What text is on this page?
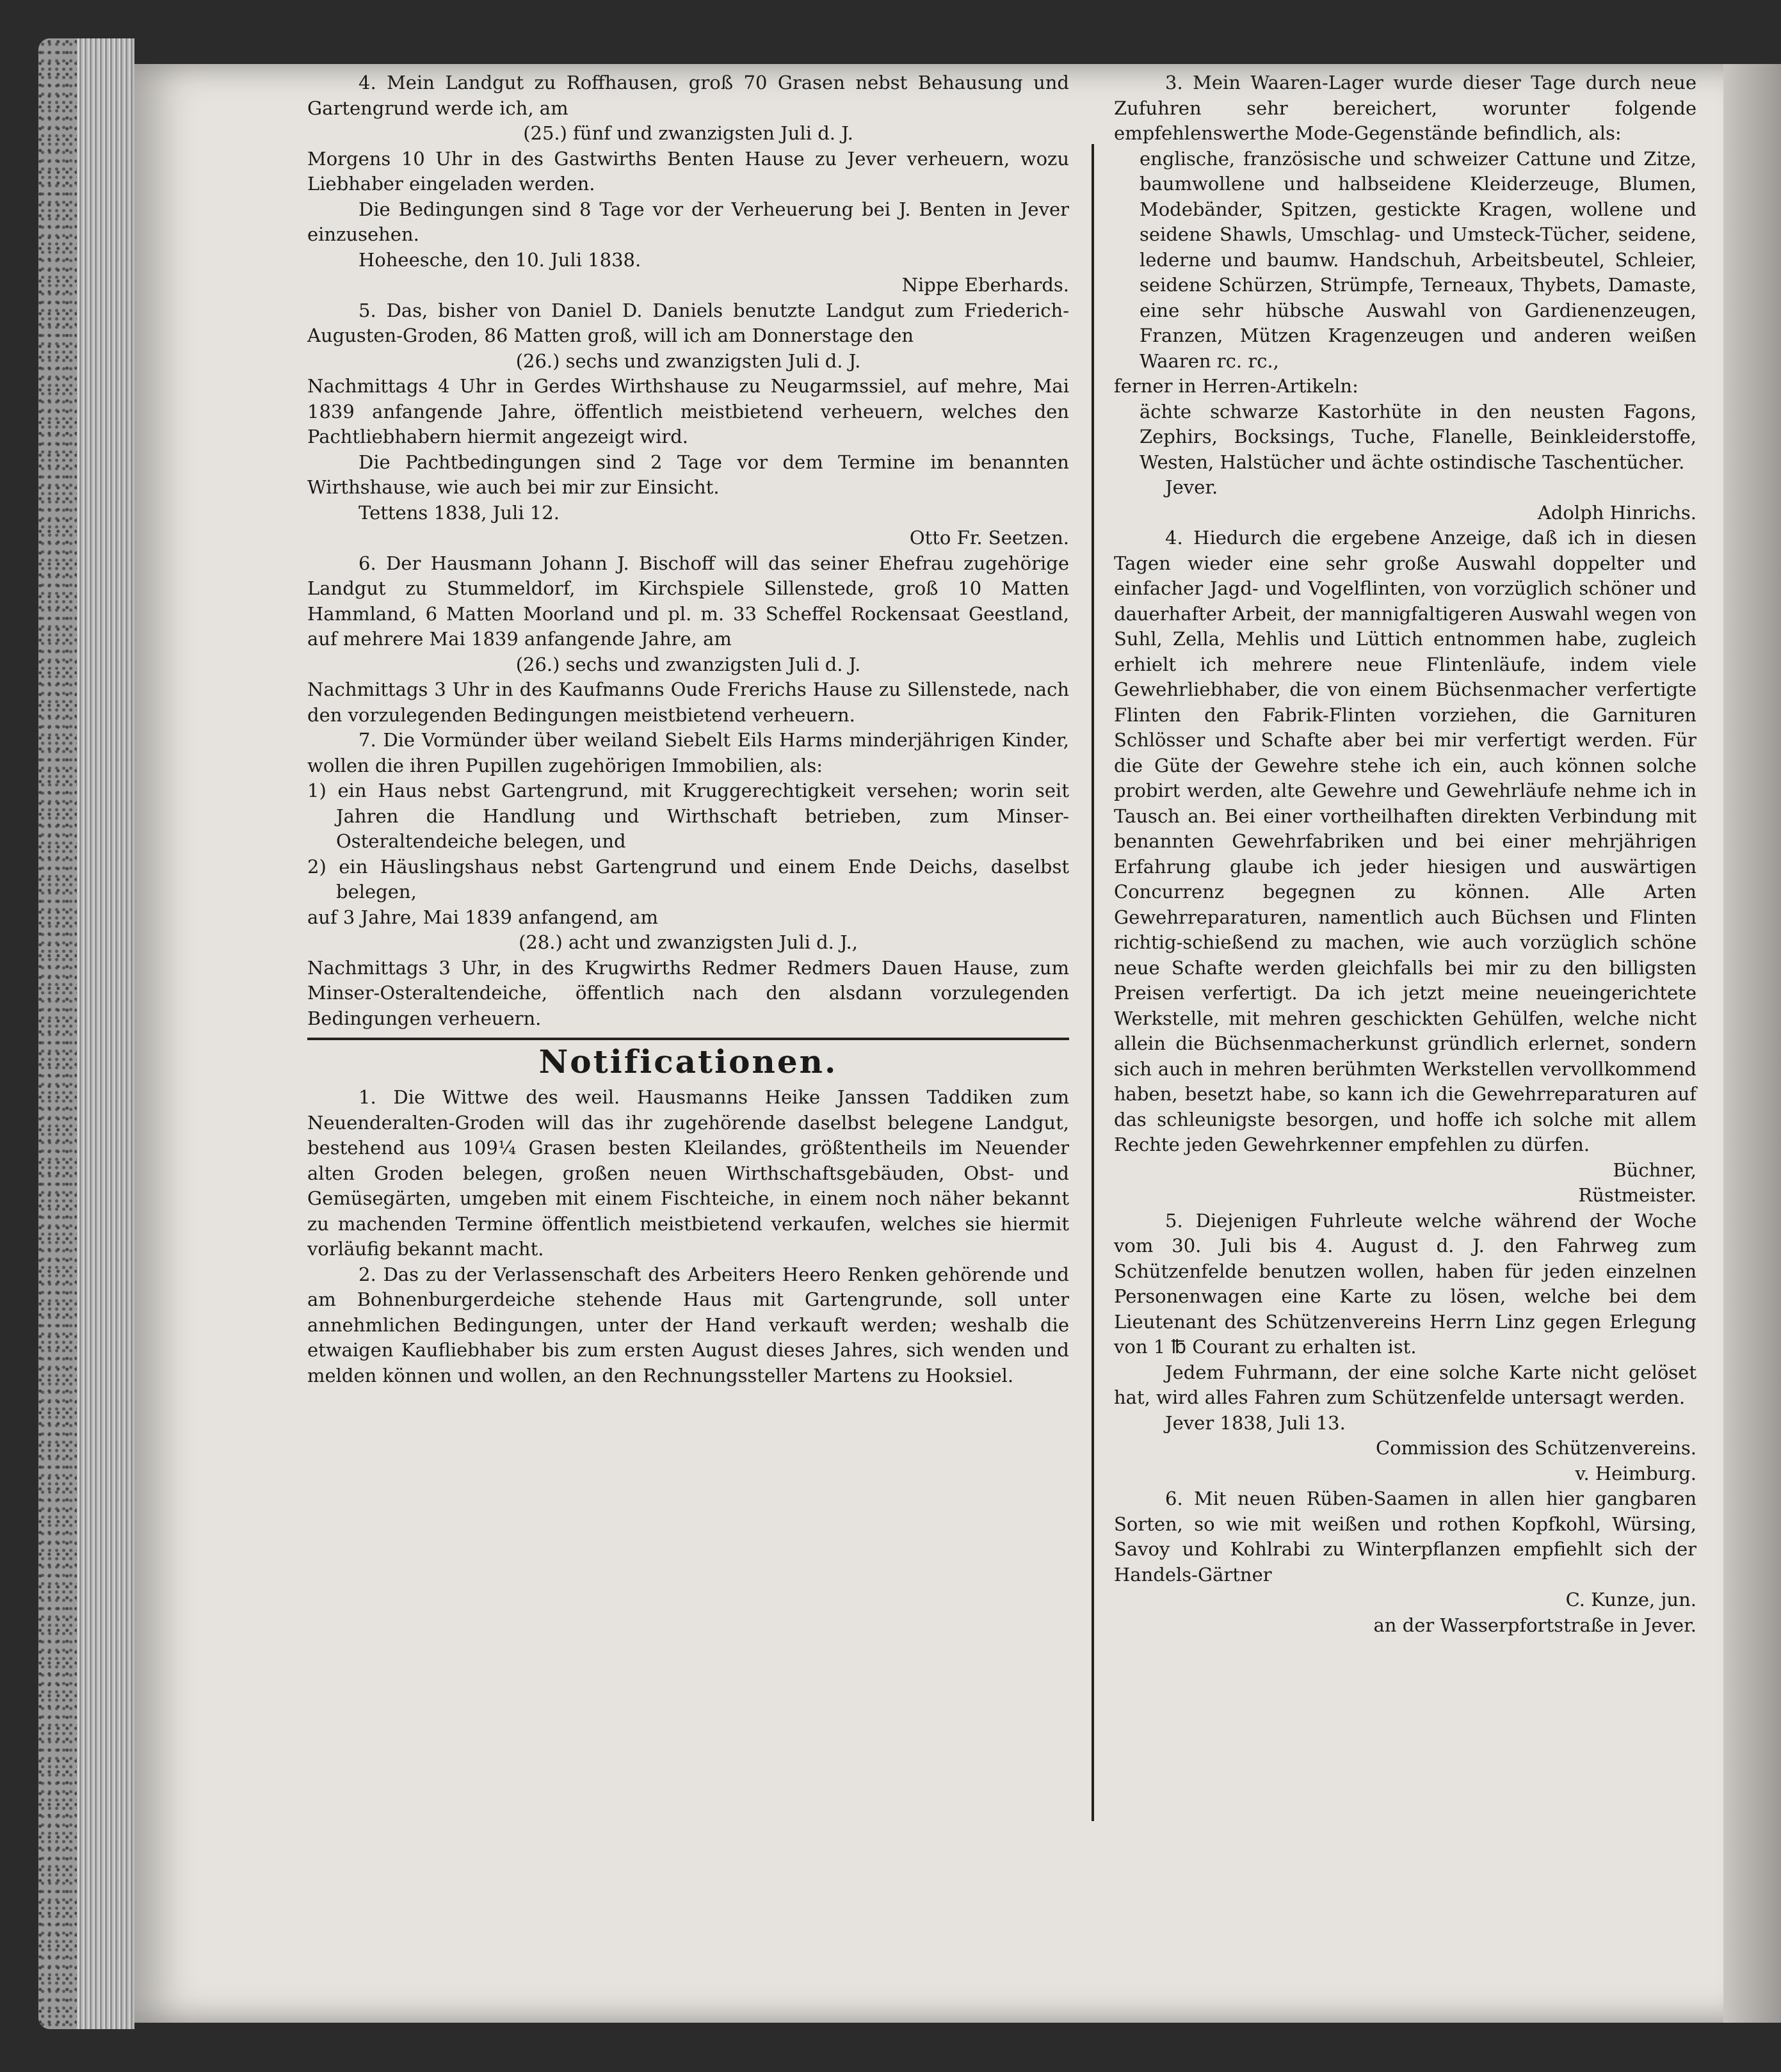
4. Mein Landgut zu Roffhausen, groß 70 Grasen nebst Behausung und Gartengrund werde ich, am

(25.) fünf und zwanzigsten Juli d. J.

Morgens 10 Uhr in des Gastwirths Benten Hause zu Jever verheuern, wozu Liebhaber eingeladen werden.

Die Bedingungen sind 8 Tage vor der Verheuerung bei J. Benten in Jever einzusehen.

Hoheesche, den 10. Juli 1838.

Nippe Eberhards.

5. Das, bisher von Daniel D. Daniels benutzte Landgut zum Friederich-Augusten-Groden, 86 Matten groß, will ich am Donnerstage den

(26.) sechs und zwanzigsten Juli d. J.

Nachmittags 4 Uhr in Gerdes Wirthshause zu Neugarmssiel, auf mehre, Mai 1839 anfangende Jahre, öffentlich meistbietend verheuern, welches den Pachtliebhabern hiermit angezeigt wird.

Die Pachtbedingungen sind 2 Tage vor dem Termine im benannten Wirthshause, wie auch bei mir zur Einsicht.

Tettens 1838, Juli 12.

Otto Fr. Seetzen.

6. Der Hausmann Johann J. Bischoff will das seiner Ehefrau zugehörige Landgut zu Stummeldorf, im Kirchspiele Sillenstede, groß 10 Matten Hammland, 6 Matten Moorland und pl. m. 33 Scheffel Rockensaat Geestland, auf mehrere Mai 1839 anfangende Jahre, am

(26.) sechs und zwanzigsten Juli d. J.

Nachmittags 3 Uhr in des Kaufmanns Oude Frerichs Hause zu Sillenstede, nach den vorzulegenden Bedingungen meistbietend verheuern.

7. Die Vormünder über weiland Siebelt Eils Harms minderjährigen Kinder, wollen die ihren Pupillen zugehörigen Immobilien, als:

1) ein Haus nebst Gartengrund, mit Kruggerechtigkeit versehen; worin seit Jahren die Handlung und Wirthschaft betrieben, zum Minser-Osteraltendeiche belegen, und

2) ein Häuslingshaus nebst Gartengrund und einem Ende Deichs, daselbst belegen,

auf 3 Jahre, Mai 1839 anfangend, am

(28.) acht und zwanzigsten Juli d. J.,

Nachmittags 3 Uhr, in des Krugwirths Redmer Redmers Dauen Hause, zum Minser-Osteraltendeiche, öffentlich nach den alsdann vorzulegenden Bedingungen verheuern.

Notificationen.

1. Die Wittwe des weil. Hausmanns Heike Janssen Taddiken zum Neuenderalten-Groden will das ihr zugehörende daselbst belegene Landgut, bestehend aus 109¼ Grasen besten Kleilandes, größtentheils im Neuender alten Groden belegen, großen neuen Wirthschaftsgebäuden, Obst- und Gemüsegärten, umgeben mit einem Fischteiche, in einem noch näher bekannt zu machenden Termine öffentlich meistbietend verkaufen, welches sie hiermit vorläufig bekannt macht.

2. Das zu der Verlassenschaft des Arbeiters Heero Renken gehörende und am Bohnenburgerdeiche stehende Haus mit Gartengrunde, soll unter annehmlichen Bedingungen, unter der Hand verkauft werden; weshalb die etwaigen Kaufliebhaber bis zum ersten August dieses Jahres, sich wenden und melden können und wollen, an den Rechnungssteller Martens zu Hooksiel.

3. Mein Waaren-Lager wurde dieser Tage durch neue Zufuhren sehr bereichert, worunter folgende empfehlenswerthe Mode-Gegenstände befindlich, als:

englische, französische und schweizer Cattune und Zitze, baumwollene und halbseidene Kleiderzeuge, Blumen, Modebänder, Spitzen, gestickte Kragen, wollene und seidene Shawls, Umschlag- und Umsteck-Tücher, seidene, lederne und baumw. Handschuh, Arbeitsbeutel, Schleier, seidene Schürzen, Strümpfe, Terneaux, Thybets, Damaste, eine sehr hübsche Auswahl von Gardienenzeugen, Franzen, Mützen Kragenzeugen und anderen weißen Waaren rc. rc.,

ferner in Herren-Artikeln:

ächte schwarze Kastorhüte in den neusten Fagons, Zephirs, Bocksings, Tuche, Flanelle, Beinkleiderstoffe, Westen, Halstücher und ächte ostindische Taschentücher.

Jever.

Adolph Hinrichs.

4. Hiedurch die ergebene Anzeige, daß ich in diesen Tagen wieder eine sehr große Auswahl doppelter und einfacher Jagd- und Vogelflinten, von vorzüglich schöner und dauerhafter Arbeit, der mannigfaltigeren Auswahl wegen von Suhl, Zella, Mehlis und Lüttich entnommen habe, zugleich erhielt ich mehrere neue Flintenläufe, indem viele Gewehrliebhaber, die von einem Büchsenmacher verfertigte Flinten den Fabrik-Flinten vorziehen, die Garnituren Schlösser und Schafte aber bei mir verfertigt werden. Für die Güte der Gewehre stehe ich ein, auch können solche probirt werden, alte Gewehre und Gewehrläufe nehme ich in Tausch an. Bei einer vortheilhaften direkten Verbindung mit benannten Gewehrfabriken und bei einer mehrjährigen Erfahrung glaube ich jeder hiesigen und auswärtigen Concurrenz begegnen zu können. Alle Arten Gewehrreparaturen, namentlich auch Büchsen und Flinten richtig-schießend zu machen, wie auch vorzüglich schöne neue Schafte werden gleichfalls bei mir zu den billigsten Preisen verfertigt. Da ich jetzt meine neueingerichtete Werkstelle, mit mehren geschickten Gehülfen, welche nicht allein die Büchsenmacherkunst gründlich erlernet, sondern sich auch in mehren berühmten Werkstellen vervollkommend haben, besetzt habe, so kann ich die Gewehrreparaturen auf das schleunigste besorgen, und hoffe ich solche mit allem Rechte jeden Gewehrkenner empfehlen zu dürfen.

Büchner,

Rüstmeister.

5. Diejenigen Fuhrleute welche während der Woche vom 30. Juli bis 4. August d. J. den Fahrweg zum Schützenfelde benutzen wollen, haben für jeden einzelnen Personenwagen eine Karte zu lösen, welche bei dem Lieutenant des Schützenvereins Herrn Linz gegen Erlegung von 1 ℔ Courant zu erhalten ist.

Jedem Fuhrmann, der eine solche Karte nicht gelöset hat, wird alles Fahren zum Schützenfelde untersagt werden.

Jever 1838, Juli 13.

Commission des Schützenvereins.

v. Heimburg.

6. Mit neuen Rüben-Saamen in allen hier gangbaren Sorten, so wie mit weißen und rothen Kopfkohl, Würsing, Savoy und Kohlrabi zu Winterpflanzen empfiehlt sich der Handels-Gärtner

C. Kunze, jun.

an der Wasserpfortstraße in Jever.
